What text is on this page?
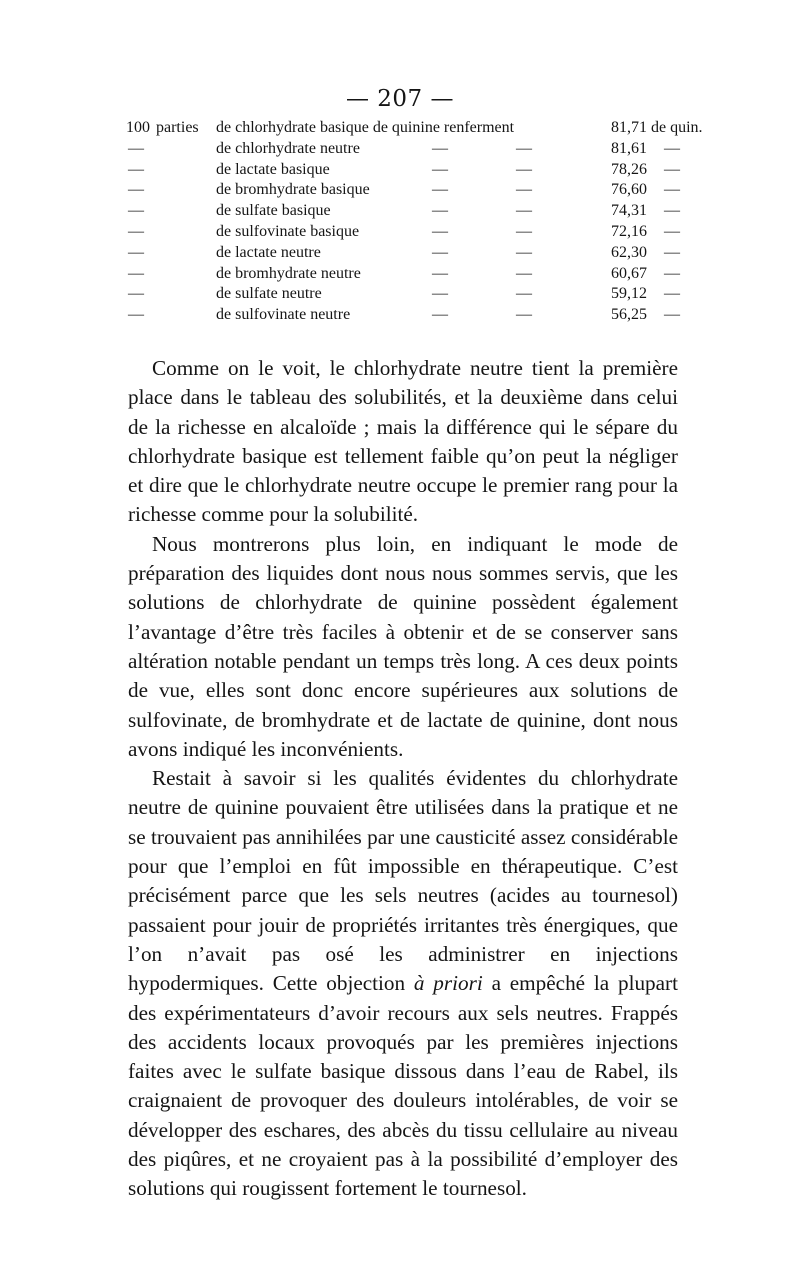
— 207 —
100 parties de chlorhydrate basique de quinine renferment	81,71 de quin.
—	de chlorhydrate neutre	—	—	81,61 —
—	de lactate basique	—	—	78,26 —
—	de bromhydrate basique	—	—	76,60 —
—	de sulfate basique	—	—	74,31 —
—	de sulfovinate basique	—	—	72,16 —
—	de lactate neutre	—	—	62,30 —
—	de bromhydrate neutre	—	—	60,67 —
—	de sulfate neutre	—	—	59,12 —
—	de sulfovinate neutre	—	—	56,25 —

Comme on le voit, le chlorhydrate neutre tient la première place dans le tableau des solubilités, et la deuxième dans celui de la richesse en alcaloïde ; mais la différence qui le sépare du chlorhydrate basique est tellement faible qu’on peut la négliger et dire que le chlorhydrate neutre occupe le premier rang pour la richesse comme pour la solubilité.

Nous montrerons plus loin, en indiquant le mode de préparation des liquides dont nous nous sommes servis, que les solutions de chlorhydrate de quinine possèdent également l’avantage d’être très faciles à obtenir et de se conserver sans altération notable pendant un temps très long. A ces deux points de vue, elles sont donc encore supérieures aux solutions de sulfovinate, de bromhydrate et de lactate de quinine, dont nous avons indiqué les inconvénients.

Restait à savoir si les qualités évidentes du chlorhydrate neutre de quinine pouvaient être utilisées dans la pratique et ne se trouvaient pas annihilées par une causticité assez considérable pour que l’emploi en fût impossible en thérapeutique. C’est précisément parce que les sels neutres (acides au tournesol) passaient pour jouir de propriétés irritantes très énergiques, que l’on n’avait pas osé les administrer en injections hypodermiques. Cette objection à priori a empêché la plupart des expérimentateurs d’avoir recours aux sels neutres. Frappés des accidents locaux provoqués par les premières injections faites avec le sulfate basique dissous dans l’eau de Rabel, ils craignaient de provoquer des douleurs intolérables, de voir se développer des eschares, des abcès du tissu cellulaire au niveau des piqûres, et ne croyaient pas à la possibilité d’employer des solutions qui rougissent fortement le tournesol.
